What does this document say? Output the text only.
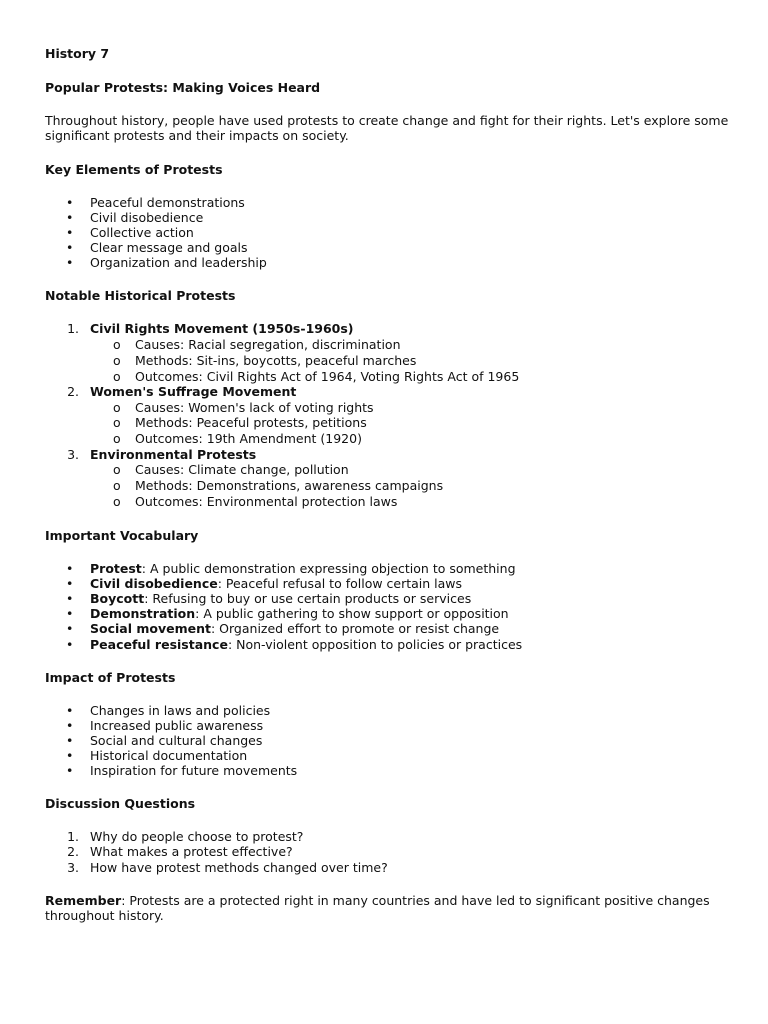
History 7
Popular Protests: Making Voices Heard
Throughout history, people have used protests to create change and fight for their rights. Let's explore some significant protests and their impacts on society.
Key Elements of Protests
•
Peaceful demonstrations
•
Civil disobedience
•
Collective action
•
Clear message and goals
•
Organization and leadership
Notable Historical Protests
1. Civil Rights Movement (1950s-1960s)
o Causes: Racial segregation, discrimination
o Methods: Sit-ins, boycotts, peaceful marches
o Outcomes: Civil Rights Act of 1964, Voting Rights Act of 1965
2. Women's Suffrage Movement
o Causes: Women's lack of voting rights
o Methods: Peaceful protests, petitions
o Outcomes: 19th Amendment (1920)
3. Environmental Protests
o Causes: Climate change, pollution
o Methods: Demonstrations, awareness campaigns
o Outcomes: Environmental protection laws
Important Vocabulary
•
Protest: A public demonstration expressing objection to something
•
Civil disobedience: Peaceful refusal to follow certain laws
•
Boycott: Refusing to buy or use certain products or services
•
Demonstration: A public gathering to show support or opposition
•
Social movement: Organized effort to promote or resist change
•
Peaceful resistance: Non-violent opposition to policies or practices
Impact of Protests
•
Changes in laws and policies
•
Increased public awareness
•
Social and cultural changes
•
Historical documentation
•
Inspiration for future movements
Discussion Questions
1. Why do people choose to protest?
2. What makes a protest effective?
3. How have protest methods changed over time?
Remember: Protests are a protected right in many countries and have led to significant positive changes throughout history.
